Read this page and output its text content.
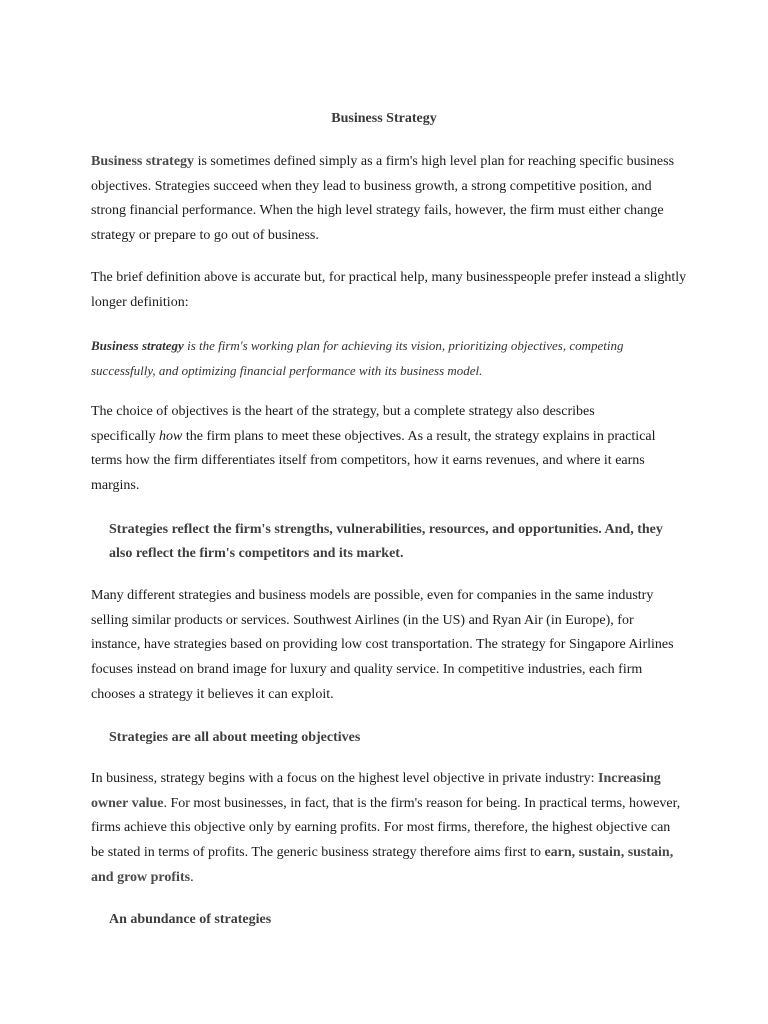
Business Strategy

Business strategy is sometimes defined simply as a firm's high level plan for reaching specific business
objectives. Strategies succeed when they lead to business growth, a strong competitive position, and
strong financial performance. When the high level strategy fails, however, the firm must either change
strategy or prepare to go out of business.

The brief definition above is accurate but, for practical help, many businesspeople prefer instead a slightly
longer definition:

Business strategy is the firm's working plan for achieving its vision, prioritizing objectives, competing
successfully, and optimizing financial performance with its business model.

The choice of objectives is the heart of the strategy, but a complete strategy also describes
specifically how the firm plans to meet these objectives. As a result, the strategy explains in practical
terms how the firm differentiates itself from competitors, how it earns revenues, and where it earns
margins.

Strategies reflect the firm's strengths, vulnerabilities, resources, and opportunities. And, they
also reflect the firm's competitors and its market.

Many different strategies and business models are possible, even for companies in the same industry
selling similar products or services. Southwest Airlines (in the US) and Ryan Air (in Europe), for
instance, have strategies based on providing low cost transportation. The strategy for Singapore Airlines
focuses instead on brand image for luxury and quality service. In competitive industries, each firm
chooses a strategy it believes it can exploit.

Strategies are all about meeting objectives

In business, strategy begins with a focus on the highest level objective in private industry: Increasing
owner value. For most businesses, in fact, that is the firm's reason for being. In practical terms, however,
firms achieve this objective only by earning profits. For most firms, therefore, the highest objective can
be stated in terms of profits. The generic business strategy therefore aims first to earn, sustain, sustain,
and grow profits.

An abundance of strategies
